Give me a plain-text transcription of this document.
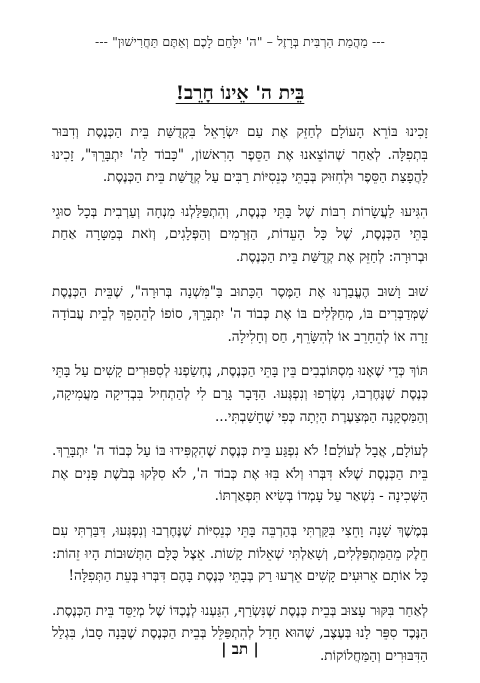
--- מַהֲמַת הַרְבִּית בְּרָזֶל – "ה' יִלָּחֵם לָכֶם וְאַתֶּם תַּחֲרִישׁוּן" ---
בֵּית ה' אֵינוֹ חָרֵב!

זָכִינוּ בּוֹרֵא הָעוֹלָם לְחַזֵּק אֶת עַם יִשְׂרָאֵל בִּקְדֻשַּׁת בֵּית הַכְּנֶסֶת וְדִבּוּר בִּתְפִלָּה. לְאַחַר שֶׁהוֹצֵאנוּ אֶת הַסֵּפֶר הָרִאשׁוֹן, "כָּבוֹד לַה' יִתְבָּרֵךְ", זָכִינוּ לַהֲפָצַת הַסֵּפֶר וּלְחִזּוּק בְּבָתֵּי כְּנֵסִיּוֹת רַבִּים עַל קְדֻשַּׁת בֵּית הַכְּנֶסֶת.

הִגִּיעוּ לַעֲשָׂרוֹת רִבּוֹת שֶׁל בָּתֵּי כְּנֶסֶת, וְהִתְפַּלַּלְנוּ מִנְחָה וְעַרְבִית בְּכָל סוּגֵי בָּתֵּי הַכְּנֶסֶת, שֶׁל כָּל הָעֵדוֹת, הַזְּרָמִים וְהַפְּלָגִים, וְזֹאת בְּמַטָּרָה אַחַת וּבְרוּרָה: לְחַזֵּק אֶת קְדֻשַּׁת בֵּית הַכְּנֶסֶת.

שׁוּב וָשׁוּב הֶעֱבַרְנוּ אֶת הַמֶּסֶר הַכָּתוּב בַּ"מִּשְׁנָה בְּרוּרָה", שֶׁבֵּית הַכְּנֶסֶת שֶׁמְּדַבְּרִים בּוֹ, מְחַלְּלִים בּוֹ אֶת כְּבוֹד ה' יִתְבָּרֵךְ, סוֹפוֹ לְהֵהָפֵךְ לְבֵית עֲבוֹדָה זָרָה אוֹ לְהֵחָרֵב אוֹ לְהִשָּׂרֵף, חַס וְחָלִילָה.

תּוֹךְ כְּדֵי שֶׁאָנוּ מִסְתּוֹבְבִים בֵּין בָּתֵּי הַכְּנֶסֶת, נֶחְשַׂפְנוּ לְסִפּוּרִים קָשִׁים עַל בָּתֵּי כְּנֶסֶת שֶׁנֶּחֶרְבוּ, נִשְׂרְפוּ וְנִפְגְּעוּ. הַדָּבָר גָּרַם לִי לְהַתְחִיל בִּבְדִיקָה מַעֲמִיקָה, וְהַמַּסְקָנָה הַמְּצַעֶרֶת הָיְתָה כְּפִי שֶׁחָשַׁבְתִּי...

לְעוֹלָם, אֲבָל לְעוֹלָם! לֹא נִפְגַּע בֵּית כְּנֶסֶת שֶׁהִקְפִּידוּ בּוֹ עַל כְּבוֹד ה' יִתְבָּרֵךְ. בֵּית הַכְּנֶסֶת שֶׁלֹּא דִּבְּרוּ וְלֹא בִּזּוּ אֶת כְּבוֹד ה', לֹא סִלְּקוּ בְּבֹשֶׁת פָּנִים אֶת הַשְּׁכִינָה - נִשְׁאַר עַל עָמְדוֹ בְּשִׂיא תִּפְאַרְתּוֹ.

בְּמֶשֶׁךְ שָׁנָה וָחֵצִי בִּקַּרְתִּי בְּהַרְבֵּה בָּתֵּי כְּנֵסִיּוֹת שֶׁנֶּחֶרְבוּ וְנִפְגְּעוּ, דִּבַּרְתִּי עִם חֵלֶק מֵהַמִּתְפַּלְּלִים, וְשָׁאַלְתִּי שְׁאֵלוֹת קָשׁוֹת. אֵצֶל כֻּלָּם הַתְּשׁוּבוֹת הָיוּ זֵהוֹת: כָּל אוֹתָם אֵרוּעִים קָשִׁים אֵרְעוּ רַק בְּבָתֵּי כְּנֶסֶת בָּהֶם דִּבְּרוּ בְּעֵת הַתְּפִלָּה!

לְאַחַר בִּקּוּר עָצוּב בְּבֵית כְּנֶסֶת שֶׁנִּשְׂרַף, הִגַּעְנוּ לְנֶכְדּוֹ שֶׁל מְיַסֵּד בֵּית הַכְּנֶסֶת. הַנֶּכֶד סִפֵּר לָנוּ בְּעֶצֶב, שֶׁהוּא חָדַל לְהִתְפַּלֵּל בְּבֵית הַכְּנֶסֶת שֶׁבָּנָה סָבוֹ, בִּגְלַל הַדִּבּוּרִים וְהַמַּחֲלוֹקוֹת.

| תב |
